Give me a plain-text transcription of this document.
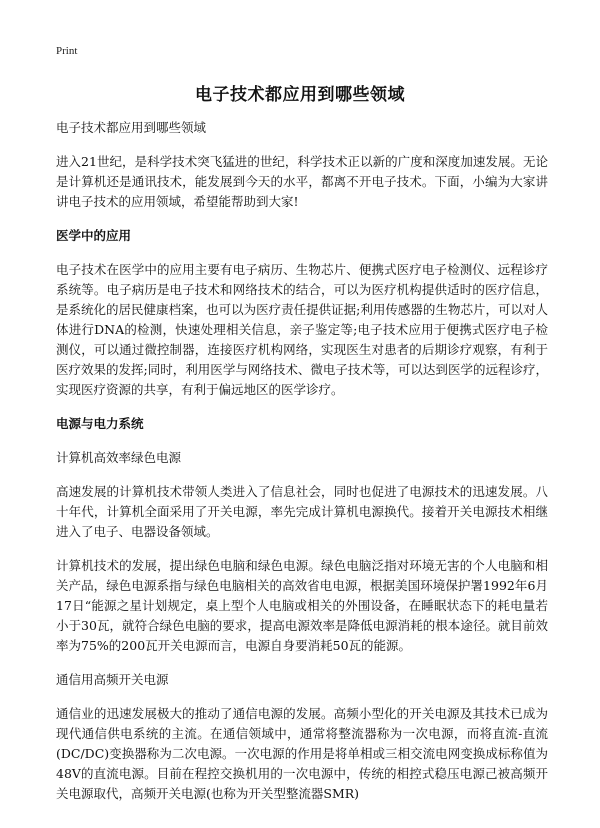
Print
电子技术都应用到哪些领域
电子技术都应用到哪些领域
进入21世纪，是科学技术突飞猛进的世纪，科学技术正以新的广度和深度加速发展。无论是计算机还是通讯技术，能发展到今天的水平，都离不开电子技术。下面，小编为大家讲讲电子技术的应用领域，希望能帮助到大家!
医学中的应用
电子技术在医学中的应用主要有电子病历、生物芯片、便携式医疗电子检测仪、远程诊疗系统等。电子病历是电子技术和网络技术的结合，可以为医疗机构提供适时的医疗信息，是系统化的居民健康档案，也可以为医疗责任提供证据;利用传感器的生物芯片，可以对人体进行DNA的检测，快速处理相关信息，亲子鉴定等;电子技术应用于便携式医疗电子检测仪，可以通过微控制器，连接医疗机构网络，实现医生对患者的后期诊疗观察，有利于医疗效果的发挥;同时，利用医学与网络技术、微电子技术等，可以达到医学的远程诊疗，实现医疗资源的共享，有利于偏远地区的医学诊疗。
电源与电力系统
计算机高效率绿色电源
高速发展的计算机技术带领人类进入了信息社会，同时也促进了电源技术的迅速发展。八十年代，计算机全面采用了开关电源，率先完成计算机电源换代。接着开关电源技术相继进入了电子、电器设备领域。
计算机技术的发展，提出绿色电脑和绿色电源。绿色电脑泛指对环境无害的个人电脑和相关产品，绿色电源系指与绿色电脑相关的高效省电电源，根据美国环境保护署1992年6月17日“能源之星计划规定，桌上型个人电脑或相关的外围设备，在睡眠状态下的耗电量若小于30瓦，就符合绿色电脑的要求，提高电源效率是降低电源消耗的根本途径。就目前效率为75%的200瓦开关电源而言，电源自身要消耗50瓦的能源。
通信用高频开关电源
通信业的迅速发展极大的推动了通信电源的发展。高频小型化的开关电源及其技术已成为现代通信供电系统的主流。在通信领域中，通常将整流器称为一次电源，而将直流-直流(DC/DC)变换器称为二次电源。一次电源的作用是将单相或三相交流电网变换成标称值为48V的直流电源。目前在程控交换机用的一次电源中，传统的相控式稳压电源己被高频开关电源取代，高频开关电源(也称为开关型整流器SMR)
